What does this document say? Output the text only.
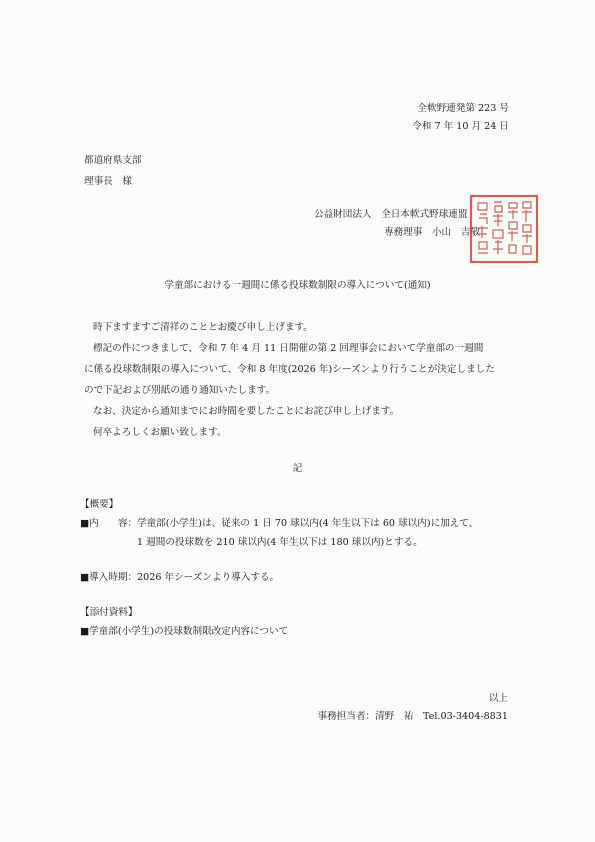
全軟野連発第 223 号
令和 7 年 10 月 24 日
都道府県支部
理事長　様
公益財団法人　全日本軟式野球連盟
専務理事　小山　吉敬
学童部における一週間に係る投球数制限の導入について(通知)
時下ますますご清祥のこととお慶び申し上げます。
標記の件につきまして、令和 7 年 4 月 11 日開催の第 2 回理事会において学童部の一週間
に係る投球数制限の導入について、令和 8 年度(2026 年)シーズンより行うことが決定しました
ので下記および別紙の通り通知いたします。
なお、決定から通知までにお時間を要したことにお詫び申し上げます。
何卒よろしくお願い致します。
記
【概要】
■内　　容： 学童部(小学生)は、従来の 1 日 70 球以内(4 年生以下は 60 球以内)に加えて、
1 週間の投球数を 210 球以内(4 年生以下は 180 球以内)とする。
■導入時期：2026 年シーズンより導入する。
【添付資料】
■学童部(小学生)の投球数制限改定内容について
以上
事務担当者：清野　祐　Tel.03-3404-8831
